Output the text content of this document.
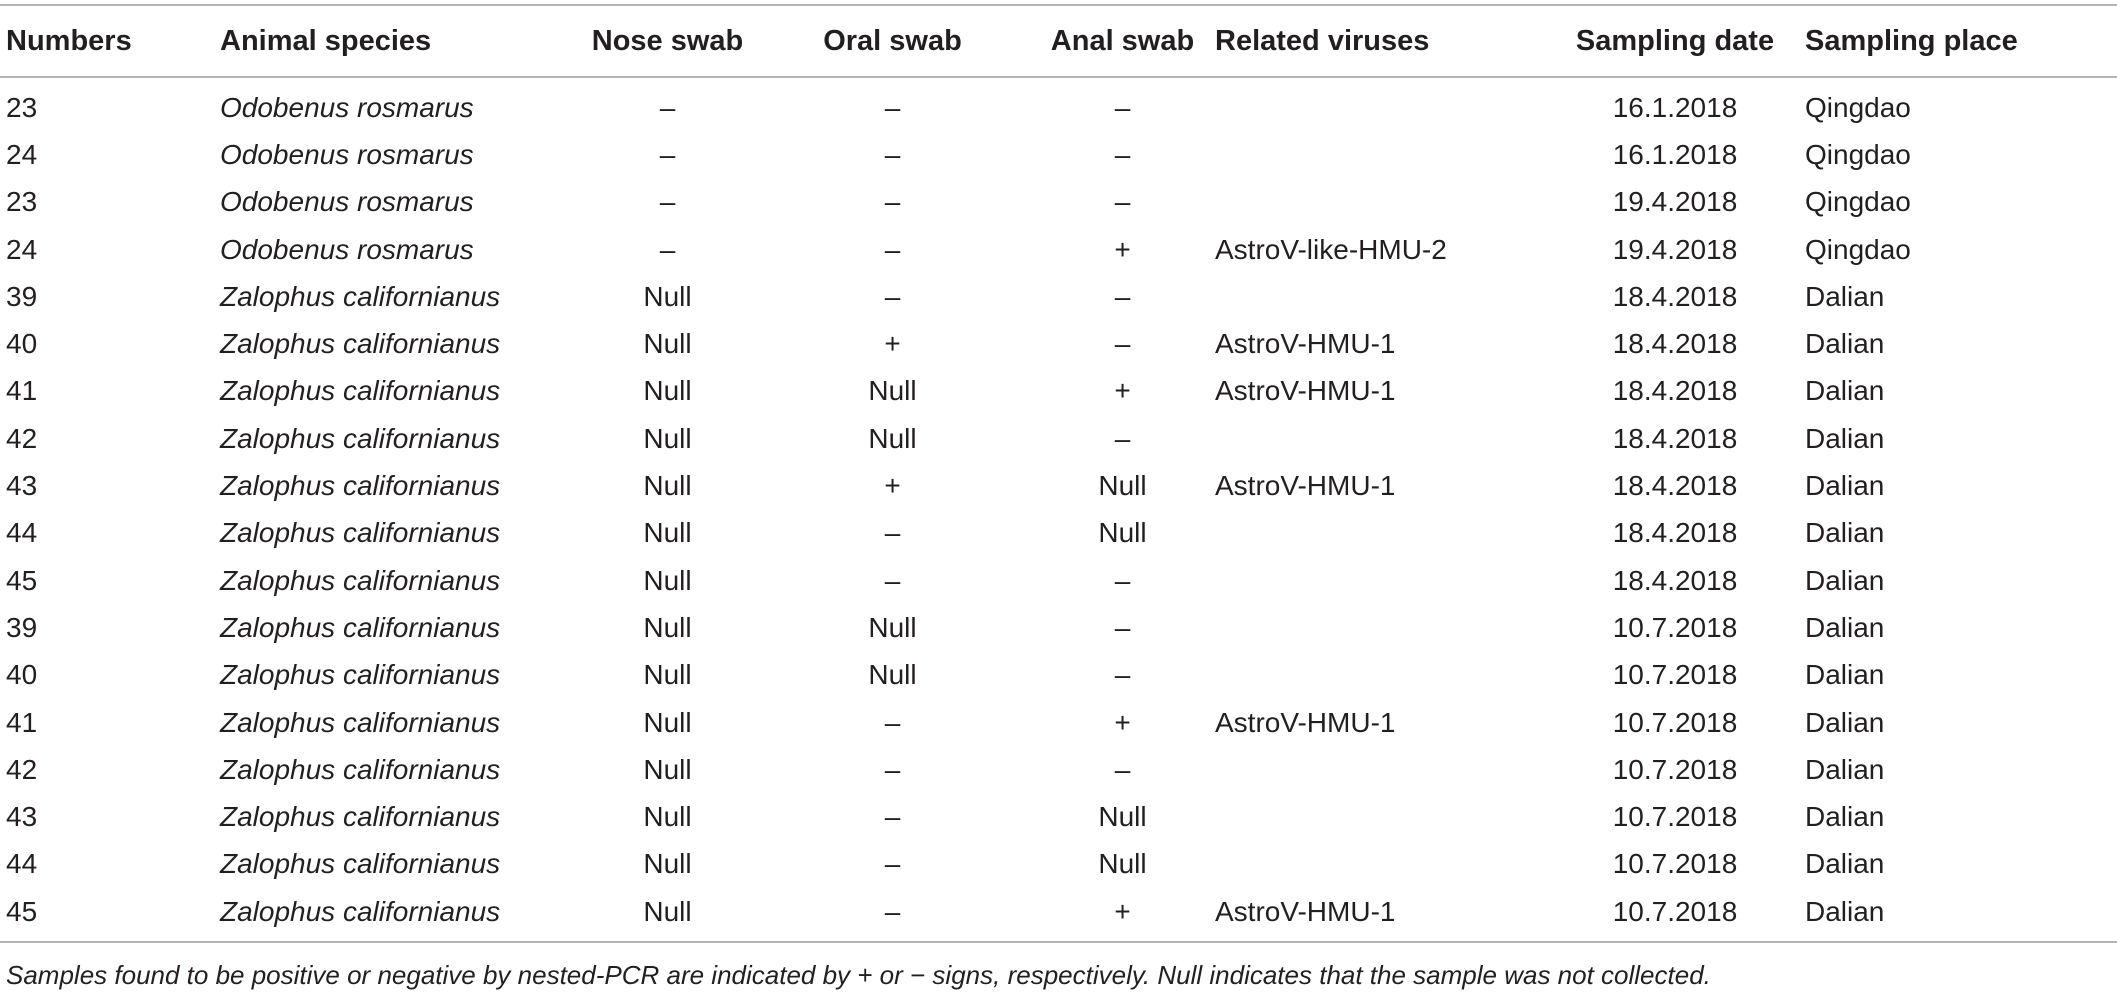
Numbers	Animal species	Nose swab	Oral swab	Anal swab	Related viruses	Sampling date	Sampling place
23	Odobenus rosmarus	–	–	–		16.1.2018	Qingdao
24	Odobenus rosmarus	–	–	–		16.1.2018	Qingdao
23	Odobenus rosmarus	–	–	–		19.4.2018	Qingdao
24	Odobenus rosmarus	–	–	+	AstroV-like-HMU-2	19.4.2018	Qingdao
39	Zalophus californianus	Null	–	–		18.4.2018	Dalian
40	Zalophus californianus	Null	+	–	AstroV-HMU-1	18.4.2018	Dalian
41	Zalophus californianus	Null	Null	+	AstroV-HMU-1	18.4.2018	Dalian
42	Zalophus californianus	Null	Null	–		18.4.2018	Dalian
43	Zalophus californianus	Null	+	Null	AstroV-HMU-1	18.4.2018	Dalian
44	Zalophus californianus	Null	–	Null		18.4.2018	Dalian
45	Zalophus californianus	Null	–	–		18.4.2018	Dalian
39	Zalophus californianus	Null	Null	–		10.7.2018	Dalian
40	Zalophus californianus	Null	Null	–		10.7.2018	Dalian
41	Zalophus californianus	Null	–	+	AstroV-HMU-1	10.7.2018	Dalian
42	Zalophus californianus	Null	–	–		10.7.2018	Dalian
43	Zalophus californianus	Null	–	Null		10.7.2018	Dalian
44	Zalophus californianus	Null	–	Null		10.7.2018	Dalian
45	Zalophus californianus	Null	–	+	AstroV-HMU-1	10.7.2018	Dalian
Samples found to be positive or negative by nested-PCR are indicated by + or − signs, respectively. Null indicates that the sample was not collected.
